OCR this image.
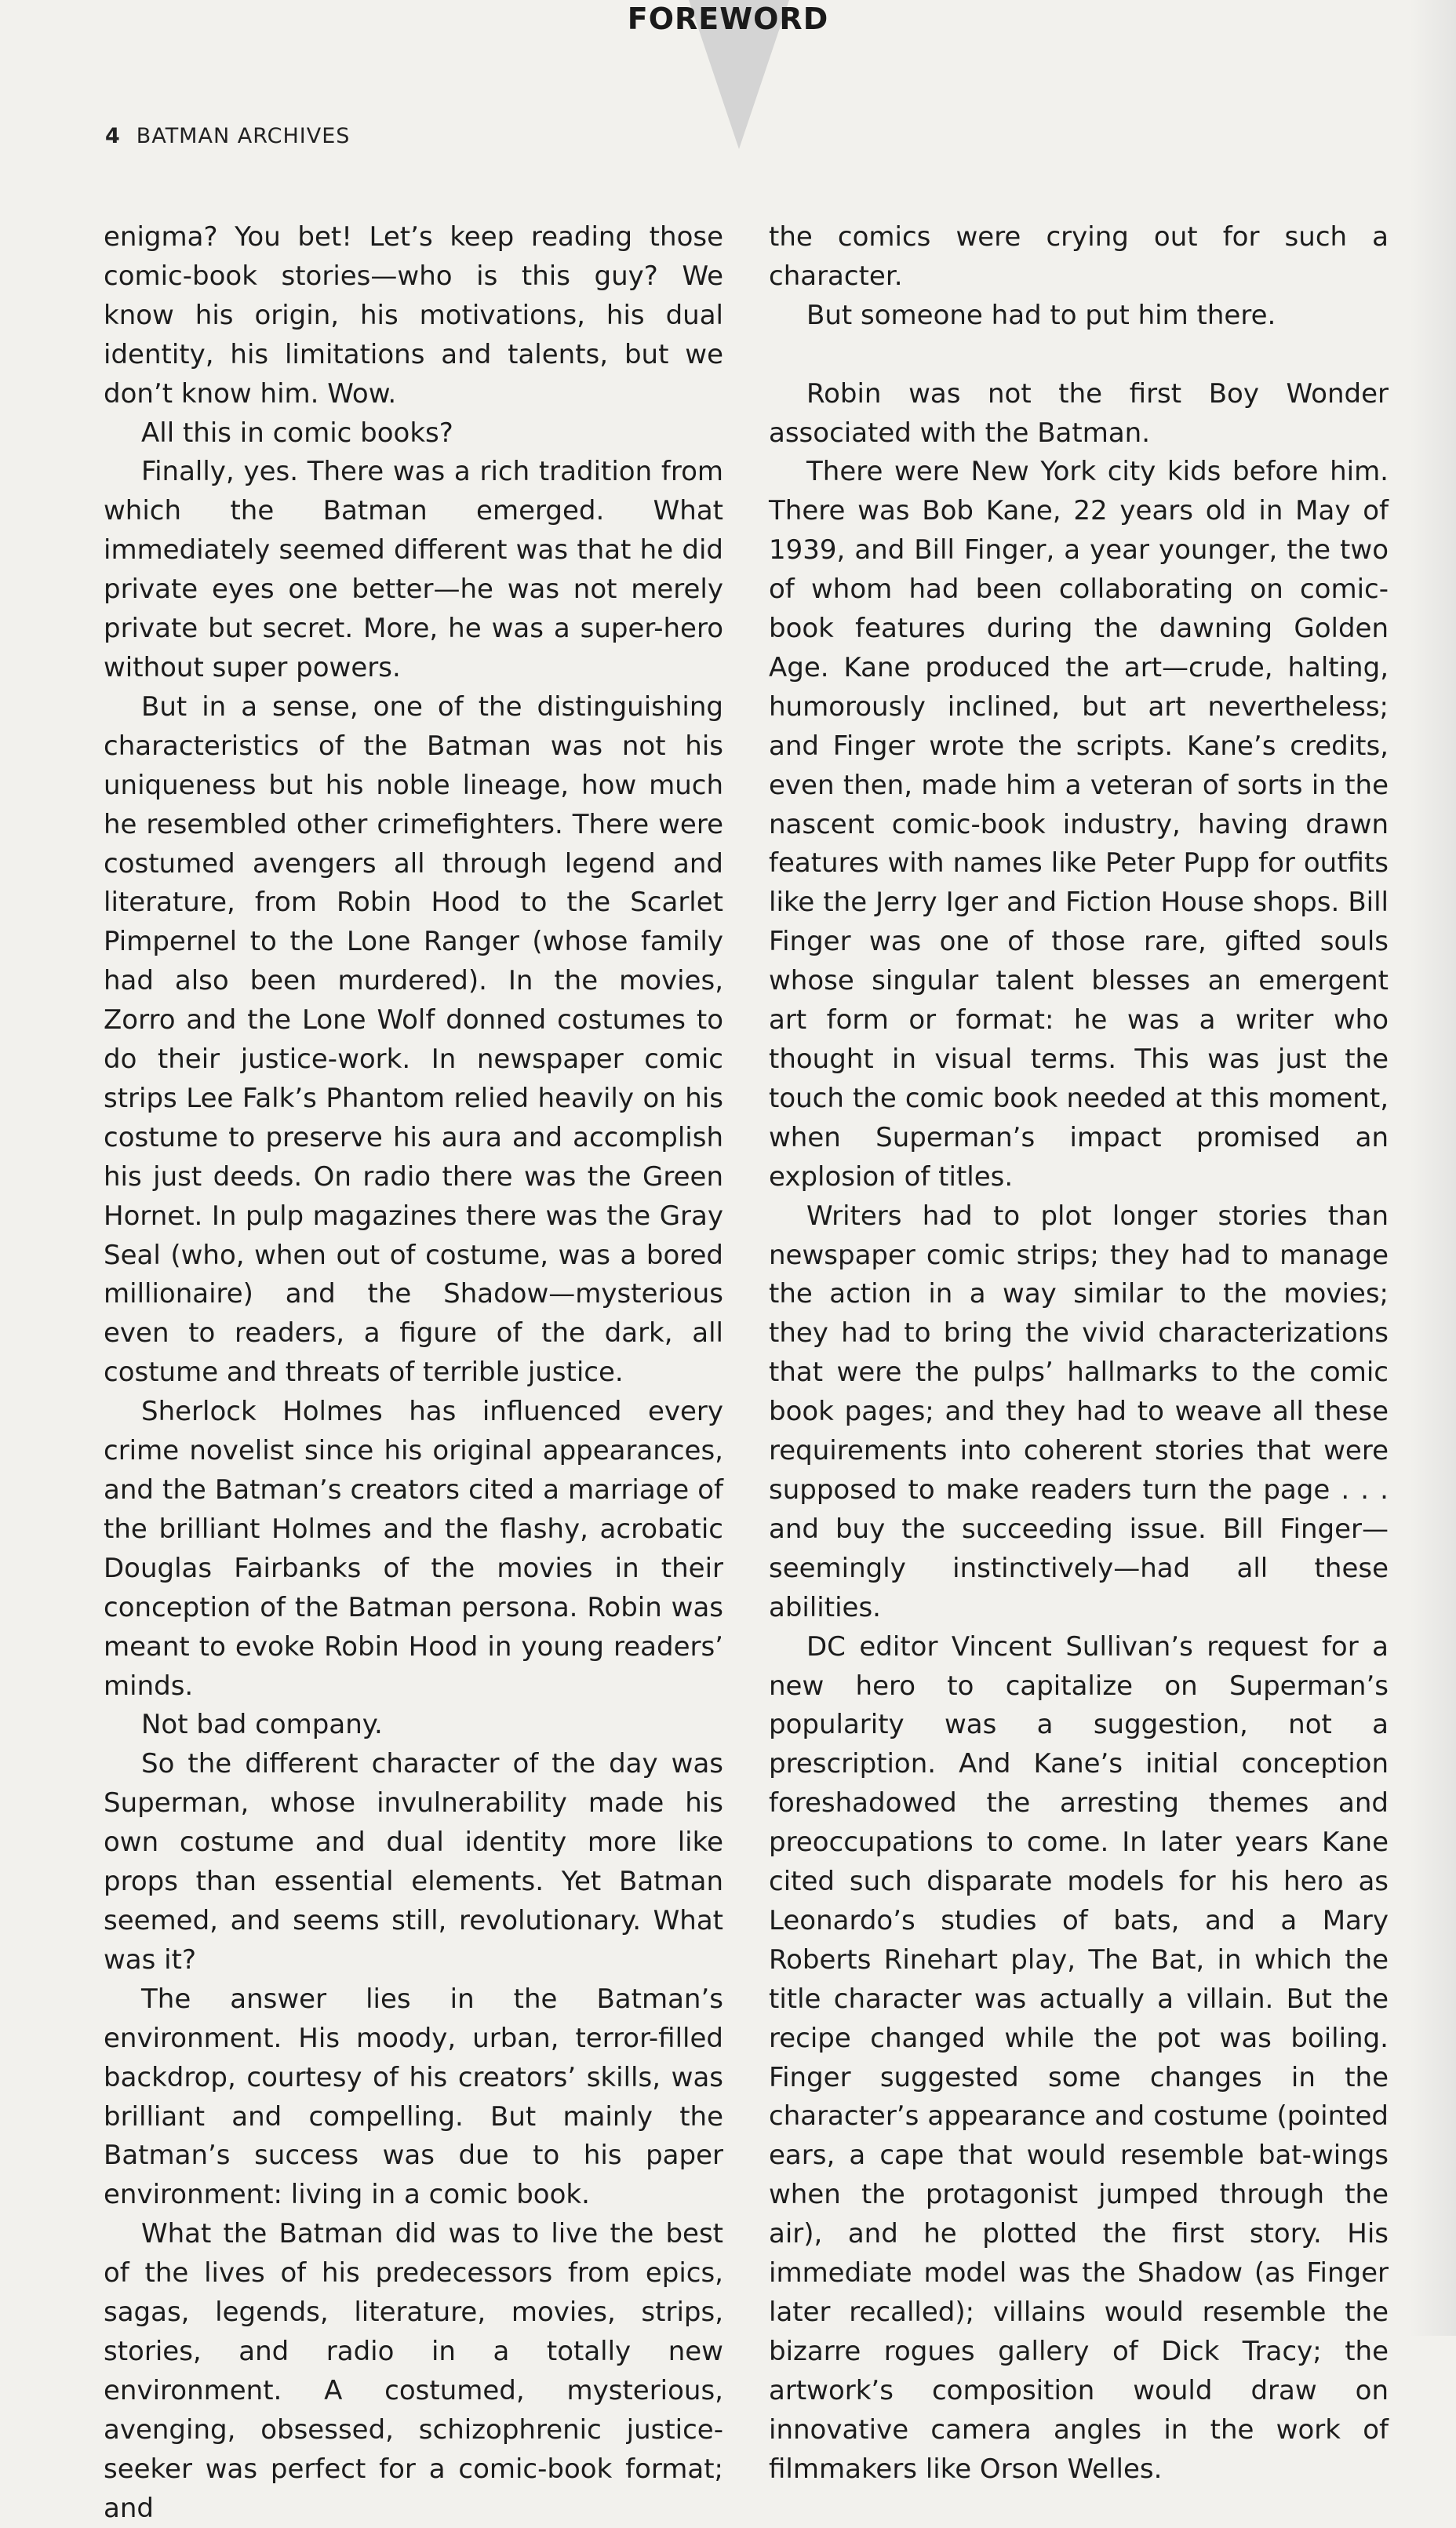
FOREWORD
4 BATMAN ARCHIVES

enigma? You bet! Let’s keep reading those comic-book stories—who is this guy? We know his origin, his motivations, his dual identity, his limitations and talents, but we don’t know him. Wow.

All this in comic books?

Finally, yes. There was a rich tradition from which the Batman emerged. What immediately seemed different was that he did private eyes one better—he was not merely private but secret. More, he was a super-hero without super powers.

But in a sense, one of the distinguishing characteristics of the Batman was not his uniqueness but his noble lineage, how much he resembled other crimefighters. There were costumed avengers all through legend and literature, from Robin Hood to the Scarlet Pimpernel to the Lone Ranger (whose family had also been murdered). In the movies, Zorro and the Lone Wolf donned costumes to do their justice-work. In newspaper comic strips Lee Falk’s Phantom relied heavily on his costume to preserve his aura and accomplish his just deeds. On radio there was the Green Hornet. In pulp magazines there was the Gray Seal (who, when out of costume, was a bored millionaire) and the Shadow—mysterious even to readers, a figure of the dark, all costume and threats of terrible justice.

Sherlock Holmes has influenced every crime novelist since his original appearances, and the Batman’s creators cited a marriage of the brilliant Holmes and the flashy, acrobatic Douglas Fairbanks of the movies in their conception of the Batman persona. Robin was meant to evoke Robin Hood in young readers’ minds.

Not bad company.

So the different character of the day was Superman, whose invulnerability made his own costume and dual identity more like props than essential elements. Yet Batman seemed, and seems still, revolutionary. What was it?

The answer lies in the Batman’s environment. His moody, urban, terror-filled backdrop, courtesy of his creators’ skills, was brilliant and compelling. But mainly the Batman’s success was due to his paper environment: living in a comic book.

What the Batman did was to live the best of the lives of his predecessors from epics, sagas, legends, literature, movies, strips, stories, and radio in a totally new environment. A costumed, mysterious, avenging, obsessed, schizophrenic justice-seeker was perfect for a comic-book format; and

the comics were crying out for such a character.

But someone had to put him there.

Robin was not the first Boy Wonder associated with the Batman.

There were New York city kids before him. There was Bob Kane, 22 years old in May of 1939, and Bill Finger, a year younger, the two of whom had been collaborating on comic-book features during the dawning Golden Age. Kane produced the art—crude, halting, humorously inclined, but art nevertheless; and Finger wrote the scripts. Kane’s credits, even then, made him a veteran of sorts in the nascent comic-book industry, having drawn features with names like Peter Pupp for outfits like the Jerry Iger and Fiction House shops. Bill Finger was one of those rare, gifted souls whose singular talent blesses an emergent art form or format: he was a writer who thought in visual terms. This was just the touch the comic book needed at this moment, when Superman’s impact promised an explosion of titles.

Writers had to plot longer stories than newspaper comic strips; they had to manage the action in a way similar to the movies; they had to bring the vivid characterizations that were the pulps’ hallmarks to the comic book pages; and they had to weave all these requirements into coherent stories that were supposed to make readers turn the page . . . and buy the succeeding issue. Bill Finger—seemingly instinctively—had all these abilities.

DC editor Vincent Sullivan’s request for a new hero to capitalize on Superman’s popularity was a suggestion, not a prescription. And Kane’s initial conception foreshadowed the arresting themes and preoccupations to come. In later years Kane cited such disparate models for his hero as Leonardo’s studies of bats, and a Mary Roberts Rinehart play, The Bat, in which the title character was actually a villain. But the recipe changed while the pot was boiling. Finger suggested some changes in the character’s appearance and costume (pointed ears, a cape that would resemble bat-wings when the protagonist jumped through the air), and he plotted the first story. His immediate model was the Shadow (as Finger later recalled); villains would resemble the bizarre rogues gallery of Dick Tracy; the artwork’s composition would draw on innovative camera angles in the work of filmmakers like Orson Welles.
